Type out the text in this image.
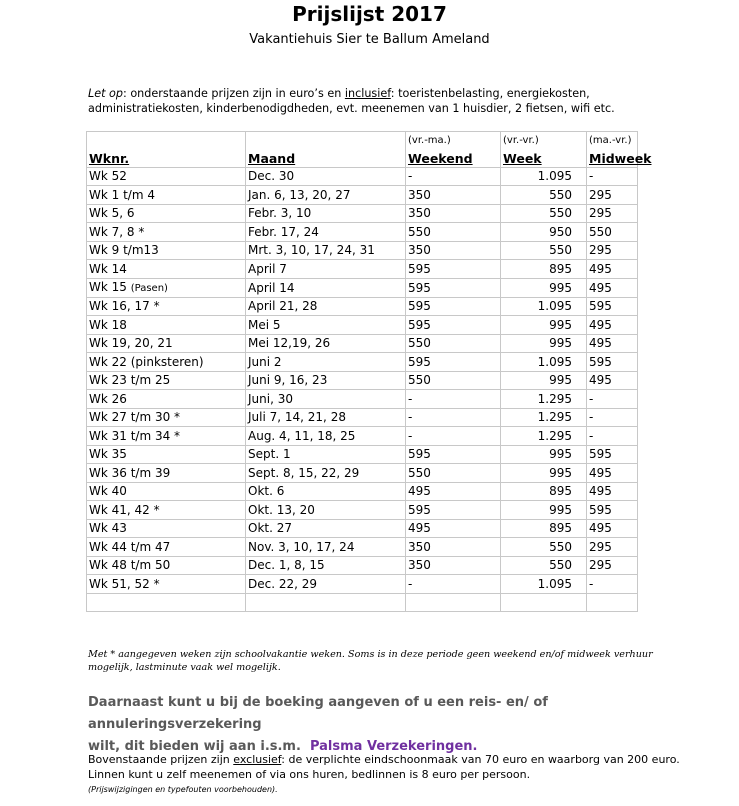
Prijslijst 2017
Vakantiehuis Sier te Ballum Ameland
Let op: onderstaande prijzen zijn in euro’s en inclusief: toeristenbelasting, energiekosten, administratiekosten, kinderbenodigdheden, evt. meenemen van 1 huisdier, 2 fietsen, wifi etc.
		(vr.-ma.)	(vr.-vr.)	(ma.-vr.)
Wknr.	Maand	Weekend	Week	Midweek
Wk 52	Dec. 30	-	1.095	-
Wk 1 t/m 4	Jan. 6, 13, 20, 27	350	550	295
Wk 5, 6	Febr. 3, 10	350	550	295
Wk 7, 8 *	Febr. 17, 24	550	950	550
Wk 9 t/m13	Mrt. 3, 10, 17, 24, 31	350	550	295
Wk 14	April 7	595	895	495
Wk 15 (Pasen)	April 14	595	995	495
Wk 16, 17 *	April 21, 28	595	1.095	595
Wk 18	Mei 5	595	995	495
Wk 19, 20, 21	Mei 12,19, 26	550	995	495
Wk 22 (pinksteren)	Juni 2	595	1.095	595
Wk 23 t/m 25	Juni 9, 16, 23	550	995	495
Wk 26	Juni, 30	-	1.295	-
Wk 27 t/m 30 *	Juli 7, 14, 21, 28	-	1.295	-
Wk 31 t/m 34 *	Aug. 4, 11, 18, 25	-	1.295	-
Wk 35	Sept. 1	595	995	595
Wk 36 t/m 39	Sept. 8, 15, 22, 29	550	995	495
Wk 40	Okt. 6	495	895	495
Wk 41, 42 *	Okt. 13, 20	595	995	595
Wk 43	Okt. 27	495	895	495
Wk 44 t/m 47	Nov. 3, 10, 17, 24	350	550	295
Wk 48 t/m 50	Dec. 1, 8, 15	350	550	295
Wk 51, 52 *	Dec. 22, 29	-	1.095	-

Met * aangegeven weken zijn schoolvakantie weken. Soms is in deze periode geen weekend en/of midweek verhuur mogelijk, lastminute vaak wel mogelijk.
Daarnaast kunt u bij de boeking aangeven of u een reis- en/ of annuleringsverzekering
wilt, dit bieden wij aan i.s.m. Palsma Verzekeringen.
Bovenstaande prijzen zijn exclusief: de verplichte eindschoonmaak van 70 euro en waarborg van 200 euro.
Linnen kunt u zelf meenemen of via ons huren, bedlinnen is 8 euro per persoon.
(Prijswijzigingen en typefouten voorbehouden).
